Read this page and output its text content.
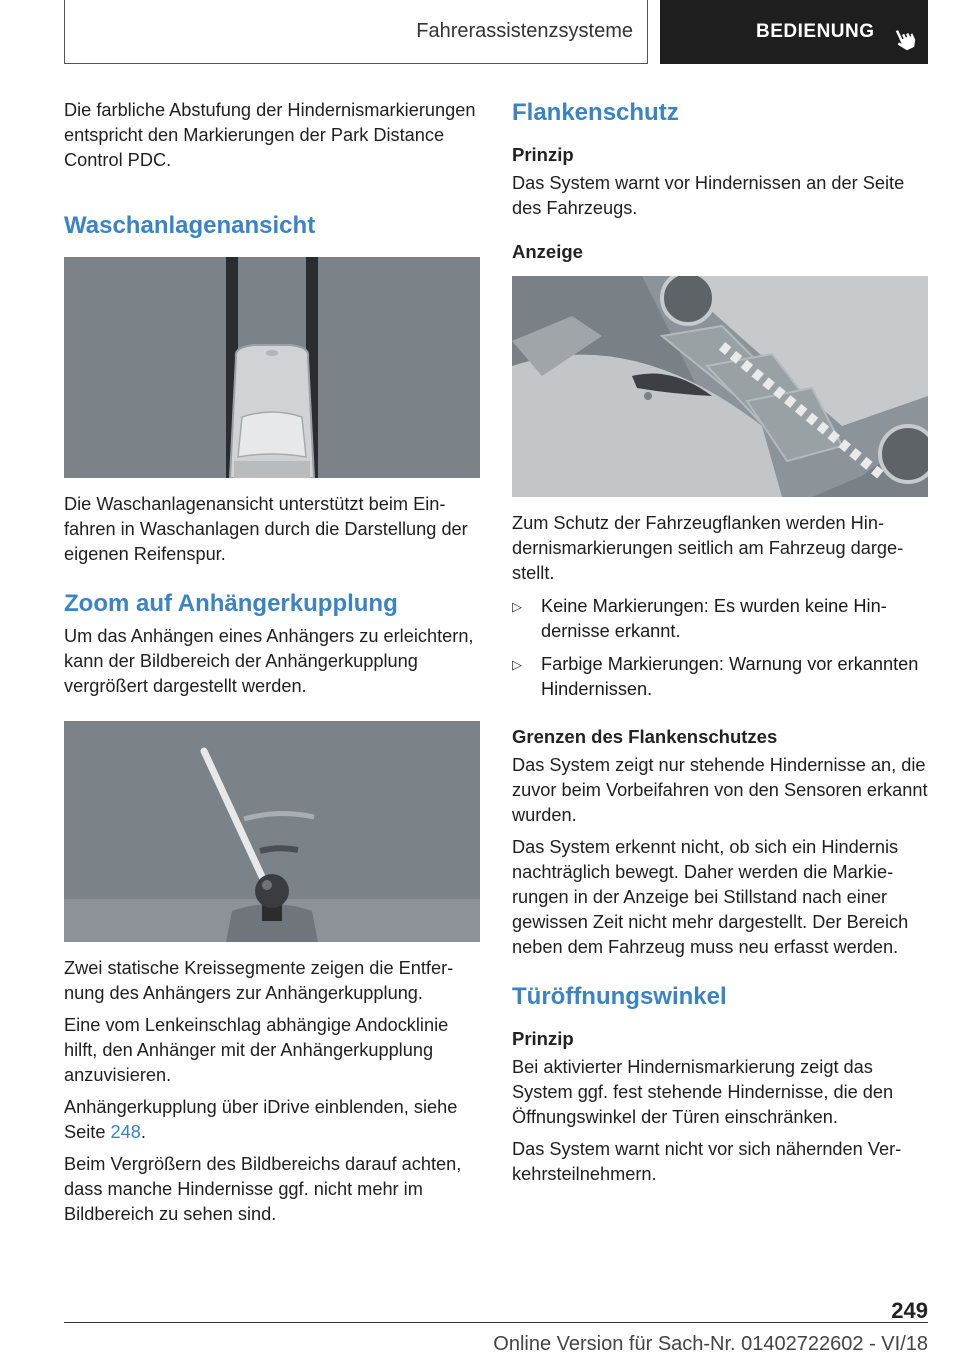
Fahrerassistenzsysteme	BEDIENUNG

Die farbliche Abstufung der Hindernismarkierungen entspricht den Markierungen der Park Distance Control PDC.

Waschanlagenansicht

Die Waschanlagenansicht unterstützt beim Einfahren in Waschanlagen durch die Darstellung der eigenen Reifenspur.

Zoom auf Anhängerkupplung

Um das Anhängen eines Anhängers zu erleichtern, kann der Bildbereich der Anhängerkupplung vergrößert dargestellt werden.

Zwei statische Kreissegmente zeigen die Entfernung des Anhängers zur Anhängerkupplung.

Eine vom Lenkeinschlag abhängige Andocklinie hilft, den Anhänger mit der Anhängerkupplung anzuvisieren.

Anhängerkupplung über iDrive einblenden, siehe Seite 248.

Beim Vergrößern des Bildbereichs darauf achten, dass manche Hindernisse ggf. nicht mehr im Bildbereich zu sehen sind.

Flankenschutz
Prinzip

Das System warnt vor Hindernissen an der Seite des Fahrzeugs.

Anzeige

Zum Schutz der Fahrzeugflanken werden Hindernismarkierungen seitlich am Fahrzeug dargestellt.

▷ Keine Markierungen: Es wurden keine Hindernisse erkannt.
▷ Farbige Markierungen: Warnung vor erkannten Hindernissen.
Grenzen des Flankenschutzes

Das System zeigt nur stehende Hindernisse an, die zuvor beim Vorbeifahren von den Sensoren erkannt wurden.

Das System erkennt nicht, ob sich ein Hindernis nachträglich bewegt. Daher werden die Markierungen in der Anzeige bei Stillstand nach einer gewissen Zeit nicht mehr dargestellt. Der Bereich neben dem Fahrzeug muss neu erfasst werden.

Türöffnungswinkel
Prinzip

Bei aktivierter Hindernismarkierung zeigt das System ggf. fest stehende Hindernisse, die den Öffnungswinkel der Türen einschränken.

Das System warnt nicht vor sich nähernden Verkehrsteilnehmern.

249
Online Version für Sach-Nr. 01402722602 - VI/18
